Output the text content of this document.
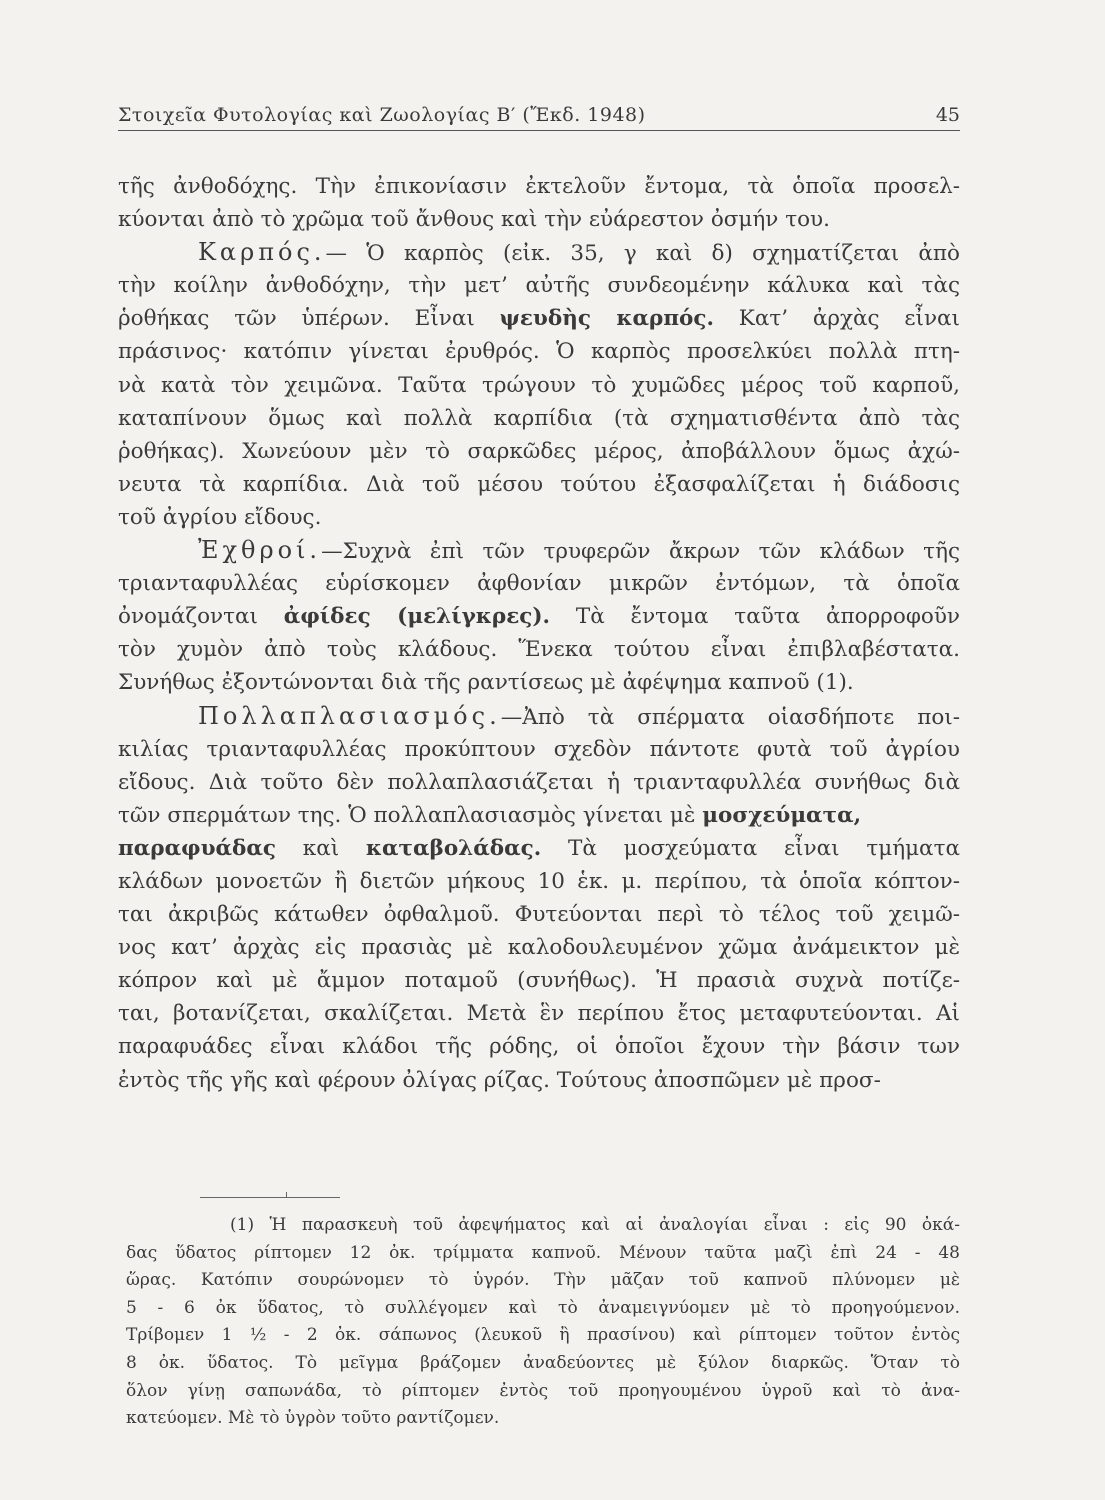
Στοιχεῖα Φυτολογίας καὶ Ζωολογίας Β′ (Ἔκδ. 1948)	45
τῆς ἀνθοδόχης. Τὴν ἐπικονίασιν ἐκτελοῦν ἔντομα, τὰ ὁποῖα προσελ-
κύονται ἀπὸ τὸ χρῶμα τοῦ ἄνθους καὶ τὴν εὐάρεστον ὀσμήν του.
Καρπός.— Ὁ καρπὸς (εἰκ. 35, γ καὶ δ) σχηματίζεται ἀπὸ
τὴν κοίλην ἀνθοδόχην, τὴν μετ’ αὐτῆς συνδεομένην κάλυκα καὶ τὰς
ῥοθήκας τῶν ὑπέρων. Εἶναι ψευδὴς καρπός. Κατ’ ἀρχὰς εἶναι
πράσινος· κατόπιν γίνεται ἐρυθρός. Ὁ καρπὸς προσελκύει πολλὰ πτη-
νὰ κατὰ τὸν χειμῶνα. Ταῦτα τρώγουν τὸ χυμῶδες μέρος τοῦ καρποῦ,
καταπίνουν ὅμως καὶ πολλὰ καρπίδια (τὰ σχηματισθέντα ἀπὸ τὰς
ῥοθήκας). Χωνεύουν μὲν τὸ σαρκῶδες μέρος, ἀποβάλλουν ὅμως ἀχώ-
νευτα τὰ καρπίδια. Διὰ τοῦ μέσου τούτου ἐξασφαλίζεται ἡ διάδοσις
τοῦ ἀγρίου εἴδους.
Ἐχθροί.—Συχνὰ ἐπὶ τῶν τρυφερῶν ἄκρων τῶν κλάδων τῆς
τριανταφυλλέας εὑρίσκομεν ἀφθονίαν μικρῶν ἐντόμων, τὰ ὁποῖα
ὀνομάζονται ἀφίδες (μελίγκρες). Τὰ ἔντομα ταῦτα ἀπορροφοῦν
τὸν χυμὸν ἀπὸ τοὺς κλάδους. Ἕνεκα τούτου εἶναι ἐπιβλαβέστατα.
Συνήθως ἐξοντώνονται διὰ τῆς ραντίσεως μὲ ἀφέψημα καπνοῦ (1).
Πολλαπλασιασμός.—Ἀπὸ τὰ σπέρματα οἱασδήποτε ποι-
κιλίας τριανταφυλλέας προκύπτουν σχεδὸν πάντοτε φυτὰ τοῦ ἀγρίου
εἴδους. Διὰ τοῦτο δὲν πολλαπλασιάζεται ἡ τριανταφυλλέα συνήθως διὰ
τῶν σπερμάτων της. Ὁ πολλαπλασιασμὸς γίνεται μὲ μοσχεύματα,
παραφυάδας καὶ καταβολάδας. Τὰ μοσχεύματα εἶναι τμήματα
κλάδων μονοετῶν ἢ διετῶν μήκους 10 ἑκ. μ. περίπου, τὰ ὁποῖα κόπτον-
ται ἀκριβῶς κάτωθεν ὀφθαλμοῦ. Φυτεύονται περὶ τὸ τέλος τοῦ χειμῶ-
νος κατ’ ἀρχὰς εἰς πρασιὰς μὲ καλοδουλευμένον χῶμα ἀνάμεικτον μὲ
κόπρον καὶ μὲ ἄμμον ποταμοῦ (συνήθως). Ἡ πρασιὰ συχνὰ ποτίζε-
ται, βοτανίζεται, σκαλίζεται. Μετὰ ἓν περίπου ἔτος μεταφυτεύονται. Αἱ
παραφυάδες εἶναι κλάδοι τῆς ρόδης, οἱ ὁποῖοι ἔχουν τὴν βάσιν των
ἐντὸς τῆς γῆς καὶ φέρουν ὀλίγας ρίζας. Τούτους ἀποσπῶμεν μὲ προσ-
(1) Ἡ παρασκευὴ τοῦ ἀφεψήματος καὶ αἱ ἀναλογίαι εἶναι : εἰς 90 ὀκά-
δας ὕδατος ρίπτομεν 12 ὀκ. τρίμματα καπνοῦ. Μένουν ταῦτα μαζὶ ἐπὶ 24 - 48
ὥρας. Κατόπιν σουρώνομεν τὸ ὑγρόν. Τὴν μᾶζαν τοῦ καπνοῦ πλύνομεν μὲ
5 - 6 ὀκ ὕδατος, τὸ συλλέγομεν καὶ τὸ ἀναμειγνύομεν μὲ τὸ προηγούμενον.
Τρίβομεν 1 ½ - 2 ὀκ. σάπωνος (λευκοῦ ἢ πρασίνου) καὶ ρίπτομεν τοῦτον ἐντὸς
8 ὀκ. ὕδατος. Τὸ μεῖγμα βράζομεν ἀναδεύοντες μὲ ξύλον διαρκῶς. Ὅταν τὸ
ὅλον γίνῃ σαπωνάδα, τὸ ρίπτομεν ἐντὸς τοῦ προηγουμένου ὑγροῦ καὶ τὸ ἀνα-
κατεύομεν. Μὲ τὸ ὑγρὸν τοῦτο ραντίζομεν.
